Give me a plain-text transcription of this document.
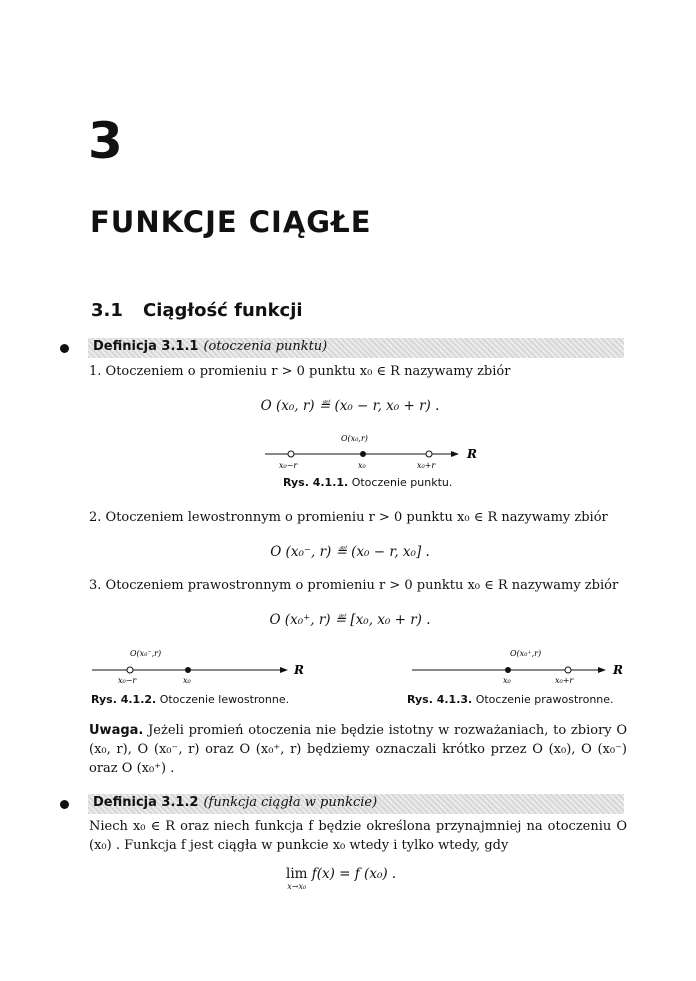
3
FUNKCJE CIĄGŁE
3.1 Ciągłość funkcji
Definicja 3.1.1 (otoczenia punktu)
1. Otoczeniem o promieniu r > 0 punktu x₀ ∈ R nazywamy zbiór
O (x₀, r) ≝ (x₀ − r, x₀ + r) .
O(x₀,r)
R
x₀−r	x₀	x₀+r
Rys. 4.1.1. Otoczenie punktu.
2. Otoczeniem lewostronnym o promieniu r > 0 punktu x₀ ∈ R nazywamy zbiór
O (x₀⁻, r) ≝ (x₀ − r, x₀] .
3. Otoczeniem prawostronnym o promieniu r > 0 punktu x₀ ∈ R nazywamy zbiór
O (x₀⁺, r) ≝ [x₀, x₀ + r) .
O(x₀⁻,r)
R
x₀−r	x₀
Rys. 4.1.2. Otoczenie lewostronne.
O(x₀⁺,r)
R
x₀	x₀+r
Rys. 4.1.3. Otoczenie prawostronne.
Uwaga. Jeżeli promień otoczenia nie będzie istotny w rozważaniach, to zbiory O (x₀, r), O (x₀⁻, r) oraz O (x₀⁺, r) będziemy oznaczali krótko przez O (x₀), O (x₀⁻) oraz O (x₀⁺) .
Definicja 3.1.2 (funkcja ciągła w punkcie)
Niech x₀ ∈ R oraz niech funkcja f będzie określona przynajmniej na otoczeniu O (x₀) . Funkcja f jest ciągła w punkcie x₀ wtedy i tylko wtedy, gdy
lim
$^{x\to x_0}$ f(x) = f (x₀) .
